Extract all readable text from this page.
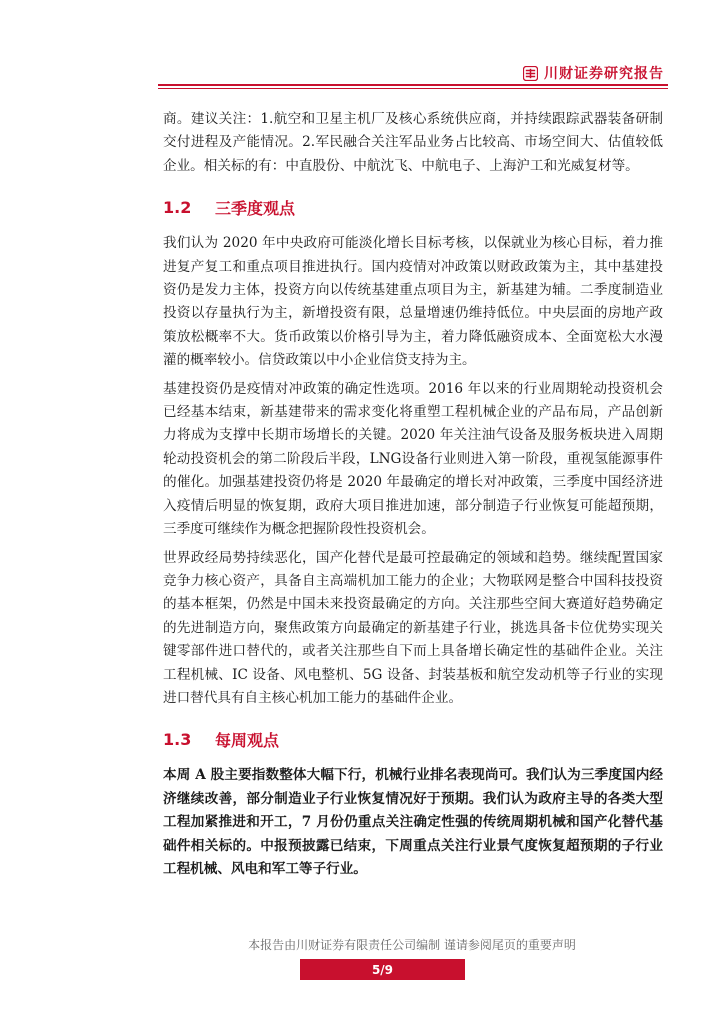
川财证券研究报告

商。建议关注：1.航空和卫星主机厂及核心系统供应商，并持续跟踪武器装备研制交付进程及产能情况。2.军民融合关注军品业务占比较高、市场空间大、估值较低企业。相关标的有：中直股份、中航沈飞、中航电子、上海沪工和光威复材等。

1.2	三季度观点

我们认为 2020 年中央政府可能淡化增长目标考核，以保就业为核心目标，着力推进复产复工和重点项目推进执行。国内疫情对冲政策以财政政策为主，其中基建投资仍是发力主体，投资方向以传统基建重点项目为主，新基建为辅。二季度制造业投资以存量执行为主，新增投资有限，总量增速仍维持低位。中央层面的房地产政策放松概率不大。货币政策以价格引导为主，着力降低融资成本、全面宽松大水漫灌的概率较小。信贷政策以中小企业信贷支持为主。

基建投资仍是疫情对冲政策的确定性选项。2016 年以来的行业周期轮动投资机会已经基本结束，新基建带来的需求变化将重塑工程机械企业的产品布局，产品创新力将成为支撑中长期市场增长的关键。2020 年关注油气设备及服务板块进入周期轮动投资机会的第二阶段后半段，LNG设备行业则进入第一阶段，重视氢能源事件的催化。加强基建投资仍将是 2020 年最确定的增长对冲政策，三季度中国经济进入疫情后明显的恢复期，政府大项目推进加速，部分制造子行业恢复可能超预期，三季度可继续作为概念把握阶段性投资机会。

世界政经局势持续恶化，国产化替代是最可控最确定的领域和趋势。继续配置国家竞争力核心资产，具备自主高端机加工能力的企业；大物联网是整合中国科技投资的基本框架，仍然是中国未来投资最确定的方向。关注那些空间大赛道好趋势确定的先进制造方向，聚焦政策方向最确定的新基建子行业，挑选具备卡位优势实现关键零部件进口替代的，或者关注那些自下而上具备增长确定性的基础件企业。关注工程机械、IC 设备、风电整机、5G 设备、封装基板和航空发动机等子行业的实现进口替代具有自主核心机加工能力的基础件企业。

1.3	每周观点

本周 A 股主要指数整体大幅下行，机械行业排名表现尚可。我们认为三季度国内经济继续改善，部分制造业子行业恢复情况好于预期。我们认为政府主导的各类大型工程加紧推进和开工，7 月份仍重点关注确定性强的传统周期机械和国产化替代基础件相关标的。中报预披露已结束，下周重点关注行业景气度恢复超预期的子行业工程机械、风电和军工等子行业。

本报告由川财证券有限责任公司编制 谨请参阅尾页的重要声明
5/9
